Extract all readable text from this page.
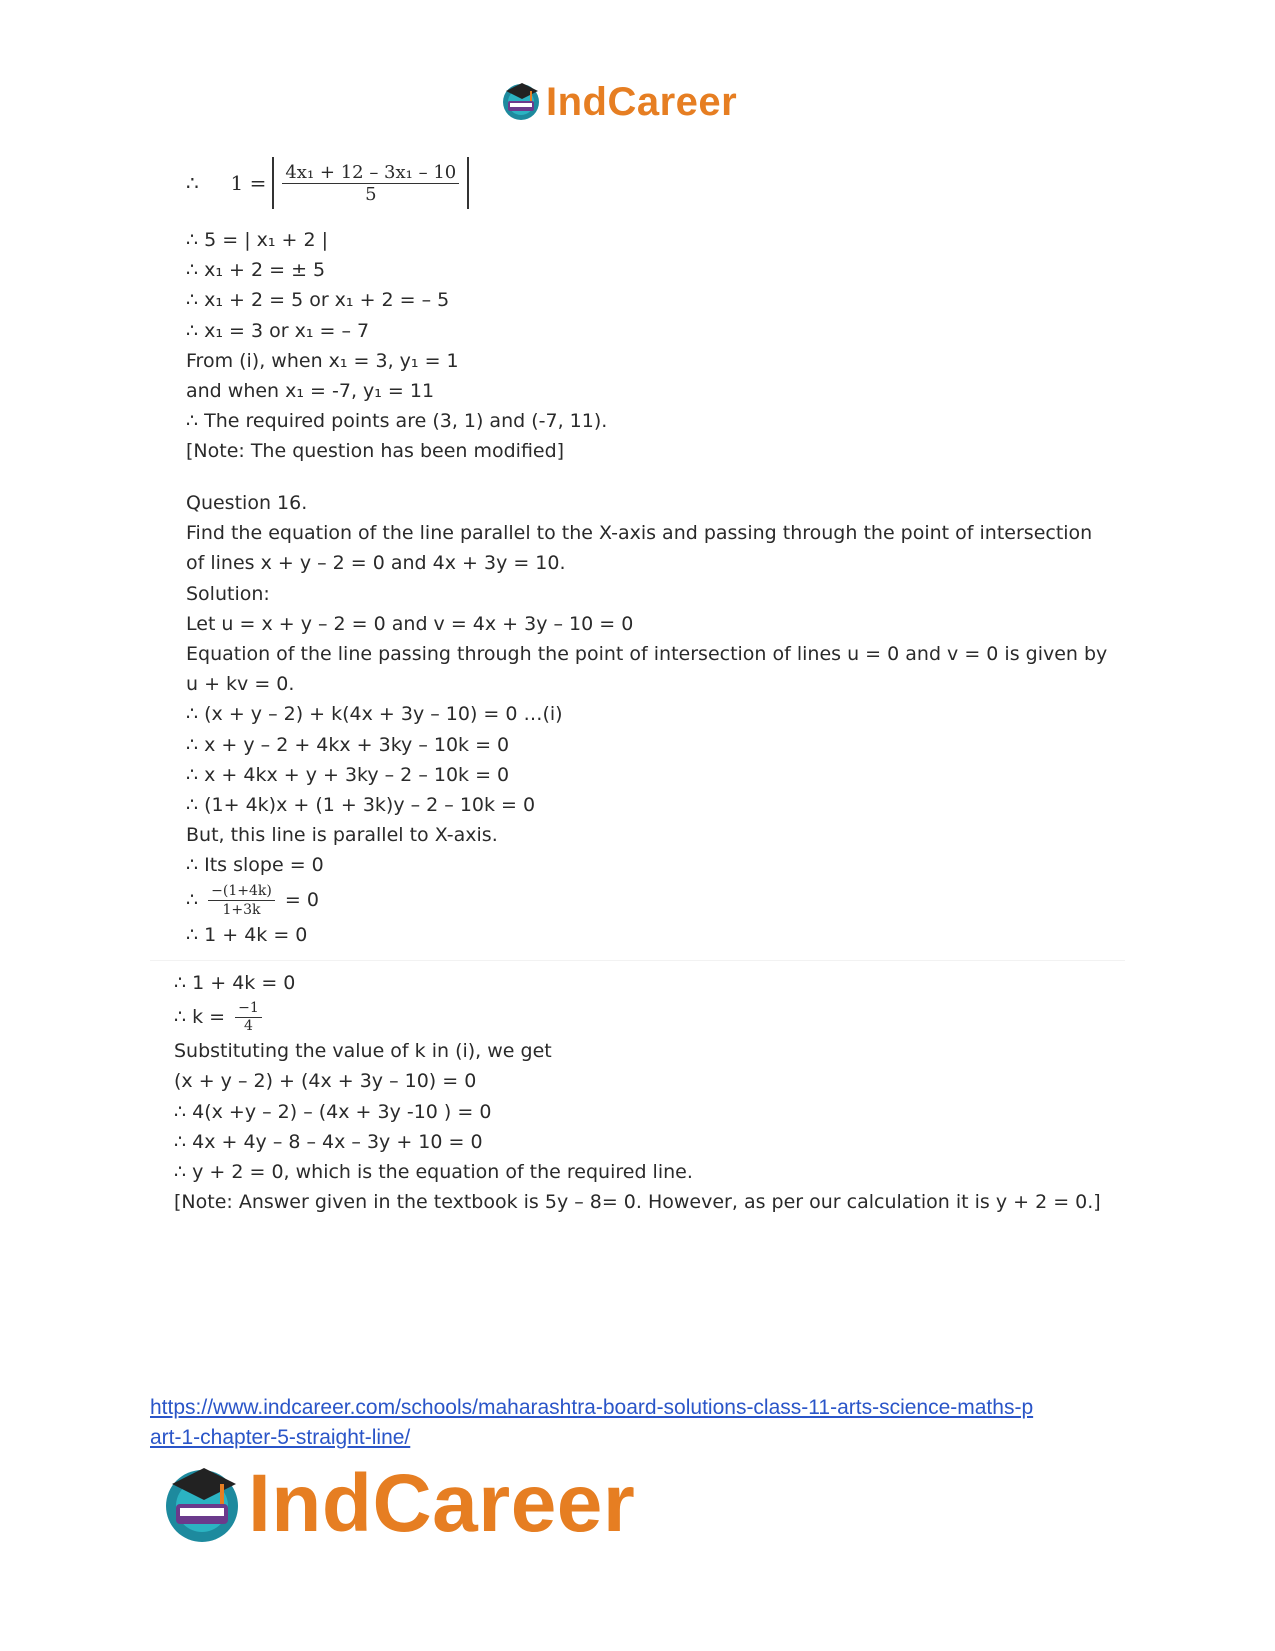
IndCareer
∴     $1 = \frac{\text{4x₁ + 12 – 3x₁ – 10}}{5}$
∴ 5 = | x₁ + 2 |
∴ x₁ + 2 = ± 5
∴ x₁ + 2 = 5 or x₁ + 2 = – 5
∴ x₁ = 3 or x₁ = – 7
From (i), when x₁ = 3, y₁ = 1
and when x₁ = -7, y₁ = 11
∴ The required points are (3, 1) and (-7, 11).
[Note: The question has been modified]
Question 16.
Find the equation of the line parallel to the X-axis and passing through the point of intersection
of lines x + y – 2 = 0 and 4x + 3y = 10.
Solution:
Let u = x + y – 2 = 0 and v = 4x + 3y – 10 = 0
Equation of the line passing through the point of intersection of lines u = 0 and v = 0 is given by
u + kv = 0.
∴ (x + y – 2) + k(4x + 3y – 10) = 0 …(i)
∴ x + y – 2 + 4kx + 3ky – 10k = 0
∴ x + 4kx + y + 3ky – 2 – 10k = 0
∴ (1+ 4k)x + (1 + 3k)y – 2 – 10k = 0
But, this line is parallel to X-axis.
∴ Its slope = 0
∴ $\frac{-(1+4k)}{1+3k} = 0$
∴ 1 + 4k = 0
∴ 1 + 4k = 0
∴ $k = \frac{-1}{4}$
Substituting the value of k in (i), we get
(x + y – 2) + (4x + 3y – 10) = 0
∴ 4(x +y – 2) – (4x + 3y -10 ) = 0
∴ 4x + 4y – 8 – 4x – 3y + 10 = 0
∴ y + 2 = 0, which is the equation of the required line.
[Note: Answer given in the textbook is 5y – 8= 0. However, as per our calculation it is y + 2 = 0.]
https://www.indcareer.com/schools/maharashtra-board-solutions-class-11-arts-science-maths-p
art-1-chapter-5-straight-line/
IndCareer
